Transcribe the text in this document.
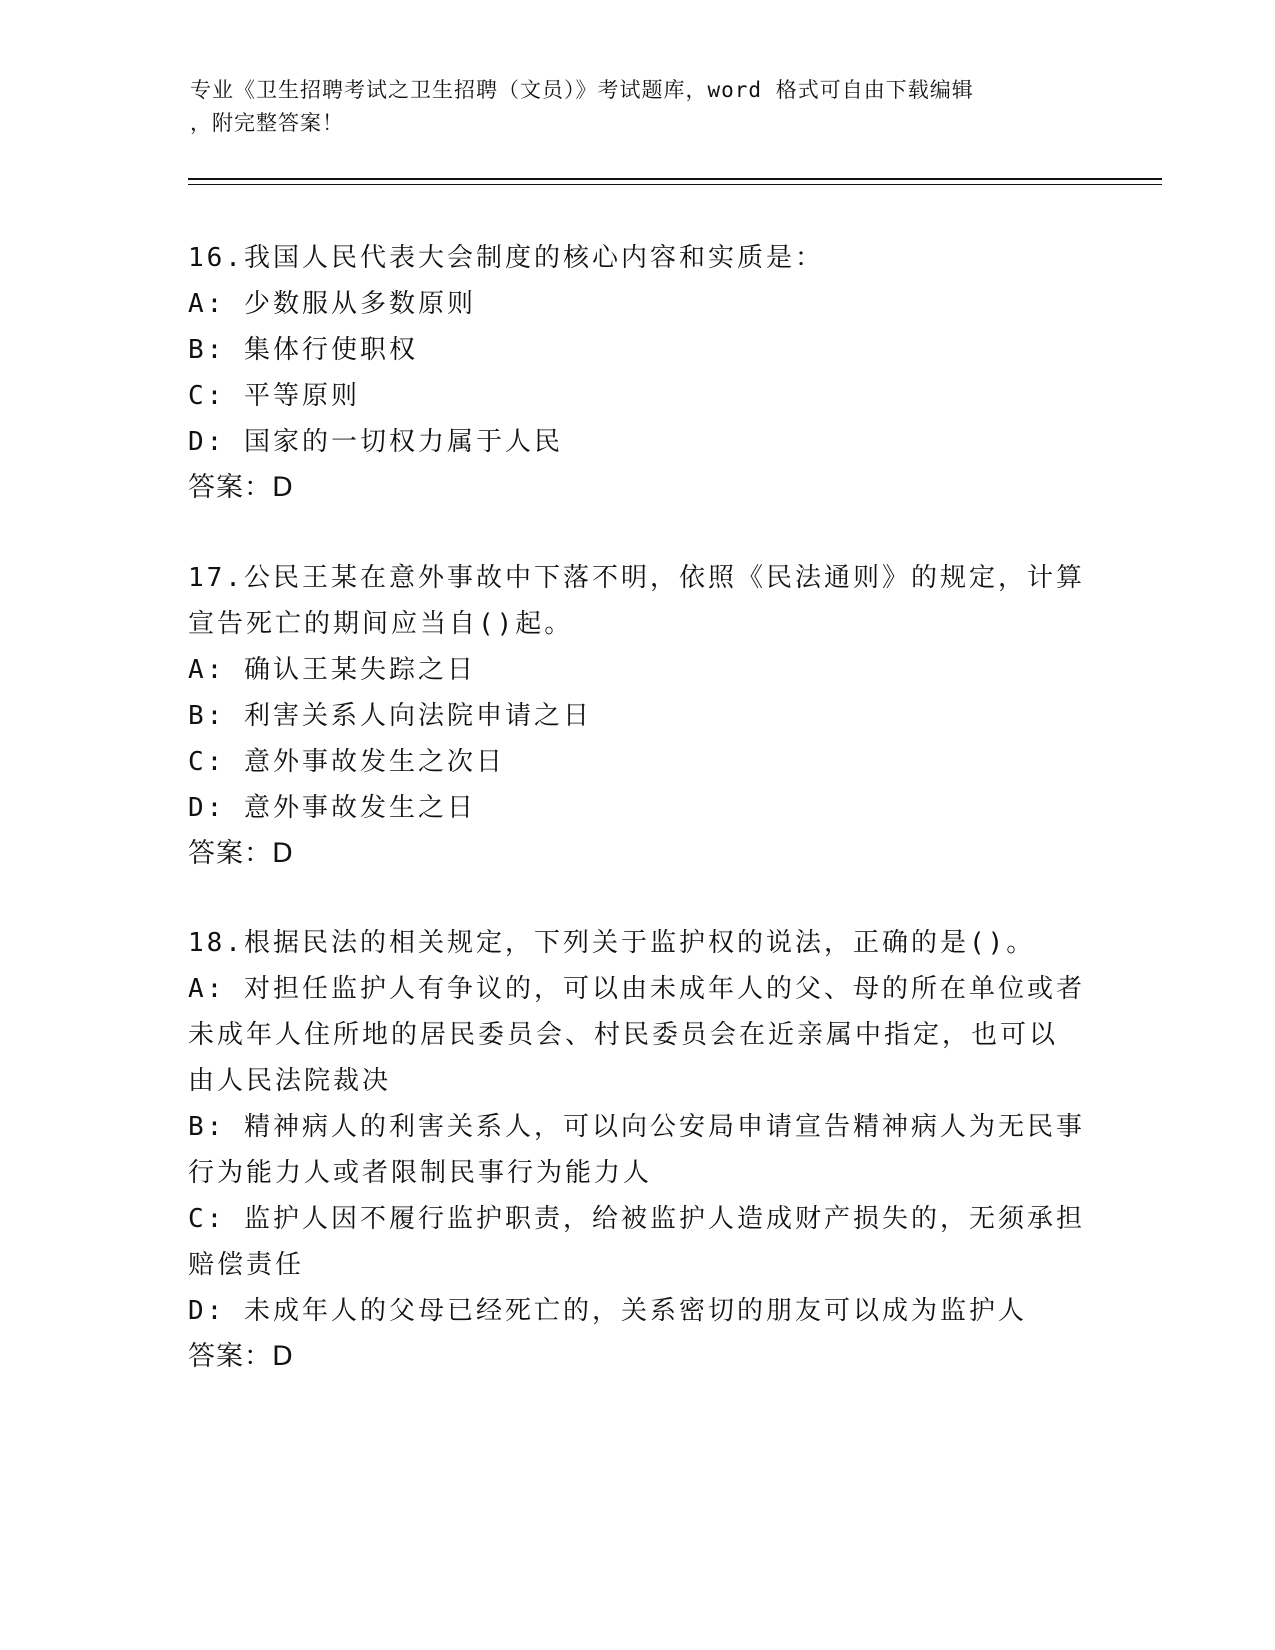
专业《卫生招聘考试之卫生招聘（文员）》考试题库，word 格式可自由下载编辑
，附完整答案！
16.我国人民代表大会制度的核心内容和实质是：
A: 少数服从多数原则
B: 集体行使职权
C: 平等原则
D: 国家的一切权力属于人民
答案：D
17.公民王某在意外事故中下落不明，依照《民法通则》的规定，计算
宣告死亡的期间应当自()起。
A: 确认王某失踪之日
B: 利害关系人向法院申请之日
C: 意外事故发生之次日
D: 意外事故发生之日
答案：D
18.根据民法的相关规定，下列关于监护权的说法，正确的是()。
A: 对担任监护人有争议的，可以由未成年人的父、母的所在单位或者
未成年人住所地的居民委员会、村民委员会在近亲属中指定，也可以
由人民法院裁决
B: 精神病人的利害关系人，可以向公安局申请宣告精神病人为无民事
行为能力人或者限制民事行为能力人
C: 监护人因不履行监护职责，给被监护人造成财产损失的，无须承担
赔偿责任
D: 未成年人的父母已经死亡的，关系密切的朋友可以成为监护人
答案：D
